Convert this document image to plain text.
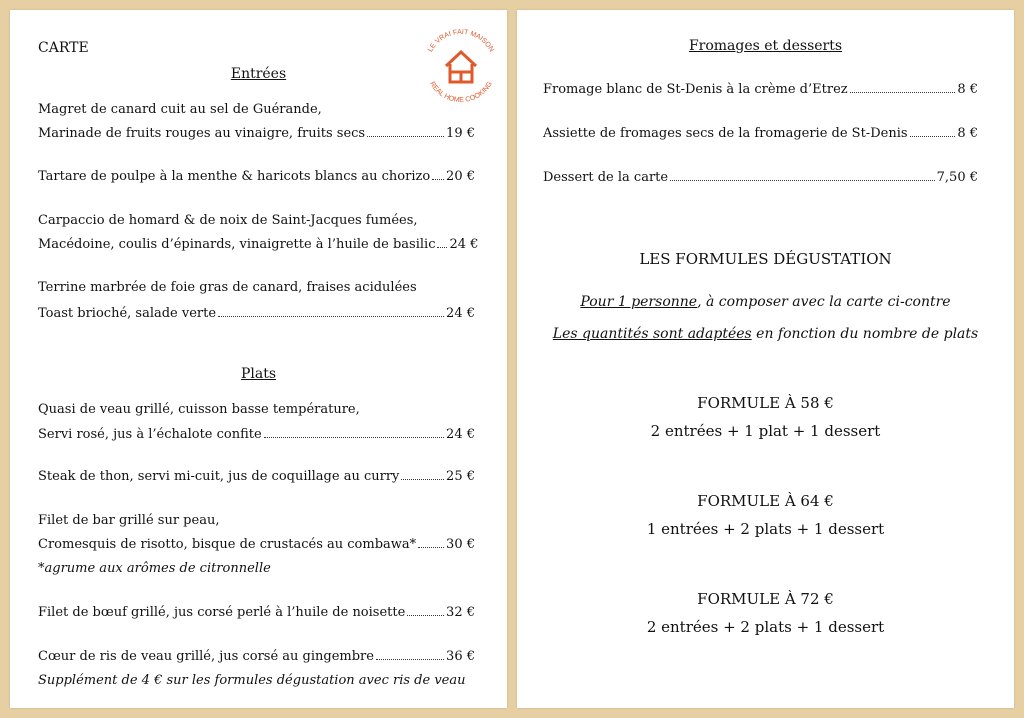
CARTE	LE VRAI FAIT MAISON
REAL HOME COOKING
Entrées
Magret de canard cuit au sel de Guérande,
Marinade de fruits rouges au vinaigre, fruits secs	19 €
Tartare de poulpe à la menthe & haricots blancs au chorizo 20 €
Carpaccio de homard & de noix de Saint-Jacques fumées,
Macédoine, coulis d’épinards, vinaigrette à l’huile de basilic 24 €
Terrine marbrée de foie gras de canard, fraises acidulées
Toast brioché, salade verte	24 €
Plats
Quasi de veau grillé, cuisson basse température,
Servi rosé, jus à l’échalote confite	24 €
Steak de thon, servi mi-cuit, jus de coquillage au curry	25 €
Filet de bar grillé sur peau,
Cromesquis de risotto, bisque de crustacés au combawa* 30 €
*agrume aux arômes de citronnelle
Filet de bœuf grillé, jus corsé perlé à l’huile de noisette	32 €
Cœur de ris de veau grillé, jus corsé au gingembre	36 €
Supplément de 4 € sur les formules dégustation avec ris de veau
Fromages et desserts
Fromage blanc de St-Denis à la crème d’Etrez	8 €
Assiette de fromages secs de la fromagerie de St-Denis	8 €
Dessert de la carte	7,50 €
LES FORMULES DÉGUSTATION
Pour 1 personne, à composer avec la carte ci-contre
Les quantités sont adaptées en fonction du nombre de plats
FORMULE À 58 €
2 entrées + 1 plat + 1 dessert
FORMULE À 64 €
1 entrées + 2 plats + 1 dessert
FORMULE À 72 €
2 entrées + 2 plats + 1 dessert
